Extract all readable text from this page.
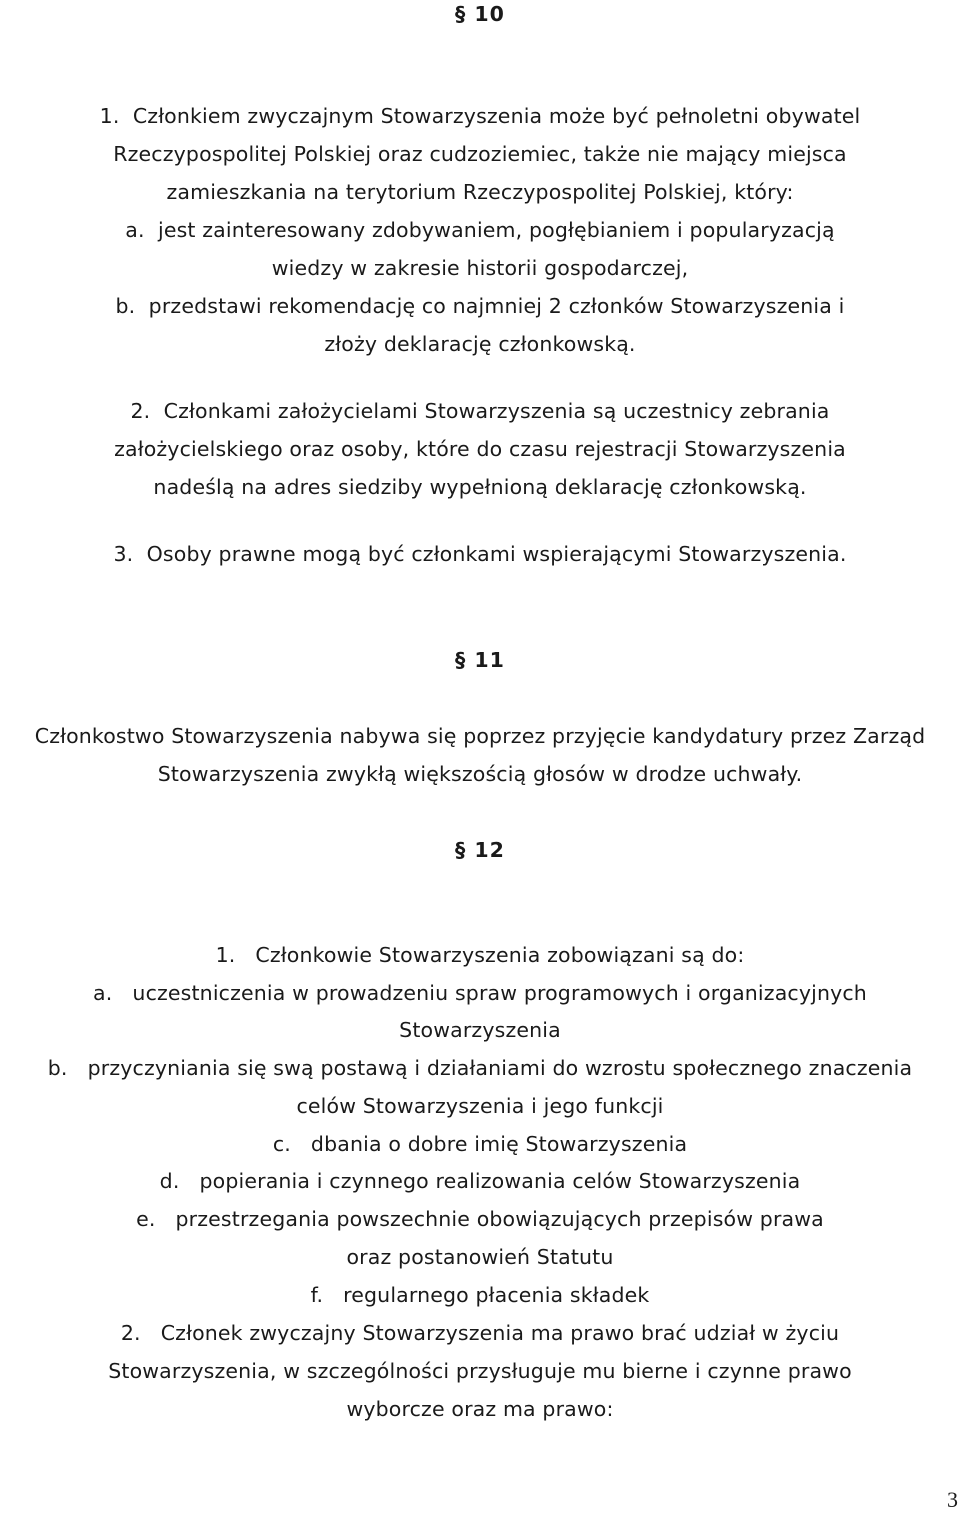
§ 10
1.  Członkiem zwyczajnym Stowarzyszenia może być pełnoletni obywatel
Rzeczypospolitej Polskiej oraz cudzoziemiec, także nie mający miejsca
zamieszkania na terytorium Rzeczypospolitej Polskiej, który:
a.  jest zainteresowany zdobywaniem, pogłębianiem i popularyzacją
wiedzy w zakresie historii gospodarczej,
b.  przedstawi rekomendację co najmniej 2 członków Stowarzyszenia i
złoży deklarację członkowską.
2.  Członkami założycielami Stowarzyszenia są uczestnicy zebrania
założycielskiego oraz osoby, które do czasu rejestracji Stowarzyszenia
nadeślą na adres siedziby wypełnioną deklarację członkowską.
3.  Osoby prawne mogą być członkami wspierającymi Stowarzyszenia.
§ 11
Członkostwo Stowarzyszenia nabywa się poprzez przyjęcie kandydatury przez Zarząd
Stowarzyszenia zwykłą większością głosów w drodze uchwały.
§ 12
1.   Członkowie Stowarzyszenia zobowiązani są do:
a.   uczestniczenia w prowadzeniu spraw programowych i organizacyjnych
Stowarzyszenia
b.   przyczyniania się swą postawą i działaniami do wzrostu społecznego znaczenia
celów Stowarzyszenia i jego funkcji
c.   dbania o dobre imię Stowarzyszenia
d.   popierania i czynnego realizowania celów Stowarzyszenia
e.   przestrzegania powszechnie obowiązujących przepisów prawa
oraz postanowień Statutu
f.   regularnego płacenia składek
2.   Członek zwyczajny Stowarzyszenia ma prawo brać udział w życiu
Stowarzyszenia, w szczególności przysługuje mu bierne i czynne prawo
wyborcze oraz ma prawo:
3
